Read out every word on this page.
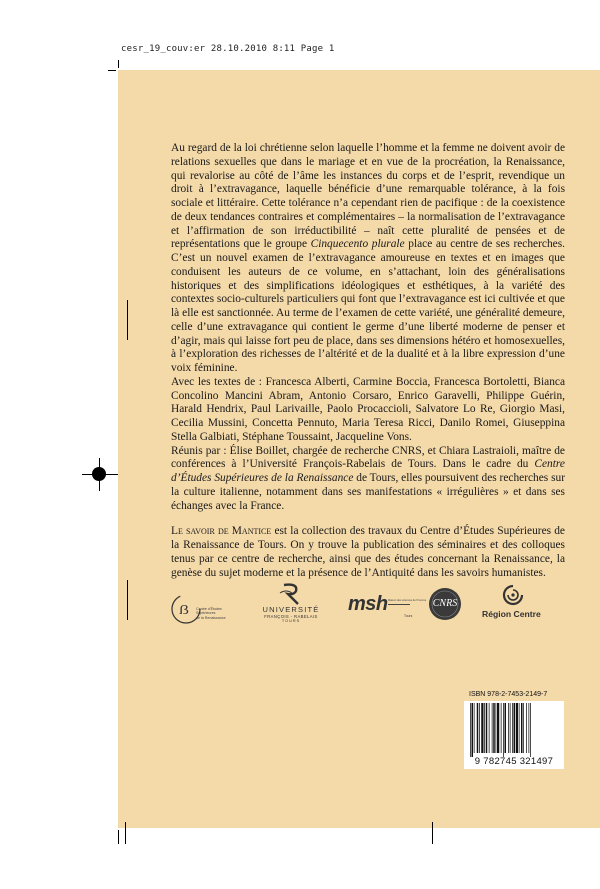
cesr_19_couv:er 28.10.2010 8:11 Page 1

Au regard de la loi chrétienne selon laquelle l’homme et la femme ne doivent avoir de relations sexuelles que dans le mariage et en vue de la procréation, la Renaissance, qui revalorise au côté de l’âme les instances du corps et de l’esprit, revendique un droit à l’extravagance, laquelle bénéficie d’une remarquable tolérance, à la fois sociale et littéraire. Cette tolérance n’a cependant rien de pacifique : de la coexistence de deux tendances contraires et complémentaires – la normalisation de l’extravagance et l’affirmation de son irréductibilité – naît cette pluralité de pensées et de représentations que le groupe Cinquecento plurale place au centre de ses recherches. C’est un nouvel examen de l’extravagance amoureuse en textes et en images que conduisent les auteurs de ce volume, en s’attachant, loin des généralisations historiques et des simplifications idéologiques et esthétiques, à la variété des contextes socio-culturels particuliers qui font que l’extravagance est ici cultivée et que là elle est sanctionnée. Au terme de l’examen de cette variété, une généralité demeure, celle d’une extravagance qui contient le germe d’une liberté moderne de penser et d’agir, mais qui laisse fort peu de place, dans ses dimensions hétéro et homosexuelles, à l’exploration des richesses de l’altérité et de la dualité et à la libre expression d’une voix féminine.

Avec les textes de : Francesca Alberti, Carmine Boccia, Francesca Bortoletti, Bianca Concolino Mancini Abram, Antonio Corsaro, Enrico Garavelli, Philippe Guérin, Harald Hendrix, Paul Larivaille, Paolo Procaccioli, Salvatore Lo Re, Giorgio Masi, Cecilia Mussini, Concetta Pennuto, Maria Teresa Ricci, Danilo Romei, Giuseppina Stella Galbiati, Stéphane Toussaint, Jacqueline Vons.

Réunis par : Élise Boillet, chargée de recherche CNRS, et Chiara Lastraioli, maître de conférences à l’Université François-Rabelais de Tours. Dans le cadre du Centre d’Études Supérieures de la Renaissance de Tours, elles poursuivent des recherches sur la culture italienne, notamment dans ses manifestations « irrégulières » et dans ses échanges avec la France.

Le savoir de Mantice est la collection des travaux du Centre d’Études Supérieures de la Renaissance de Tours. On y trouve la publication des séminaires et des colloques tenus par ce centre de recherche, ainsi que des études concernant la Renaissance, la genèse du sujet moderne et la présence de l’Antiquité dans les savoirs humanistes.

ẞ Centre d’Études
Supérieures
de la Renaissance
UNIVERSITÉ
FRANÇOIS - RABELAIS
TOURS
msh Maison des sciences de l’homme
Tours
CNRS
Région Centre
ISBN 978-2-7453-2149-7
9 782745 321497
